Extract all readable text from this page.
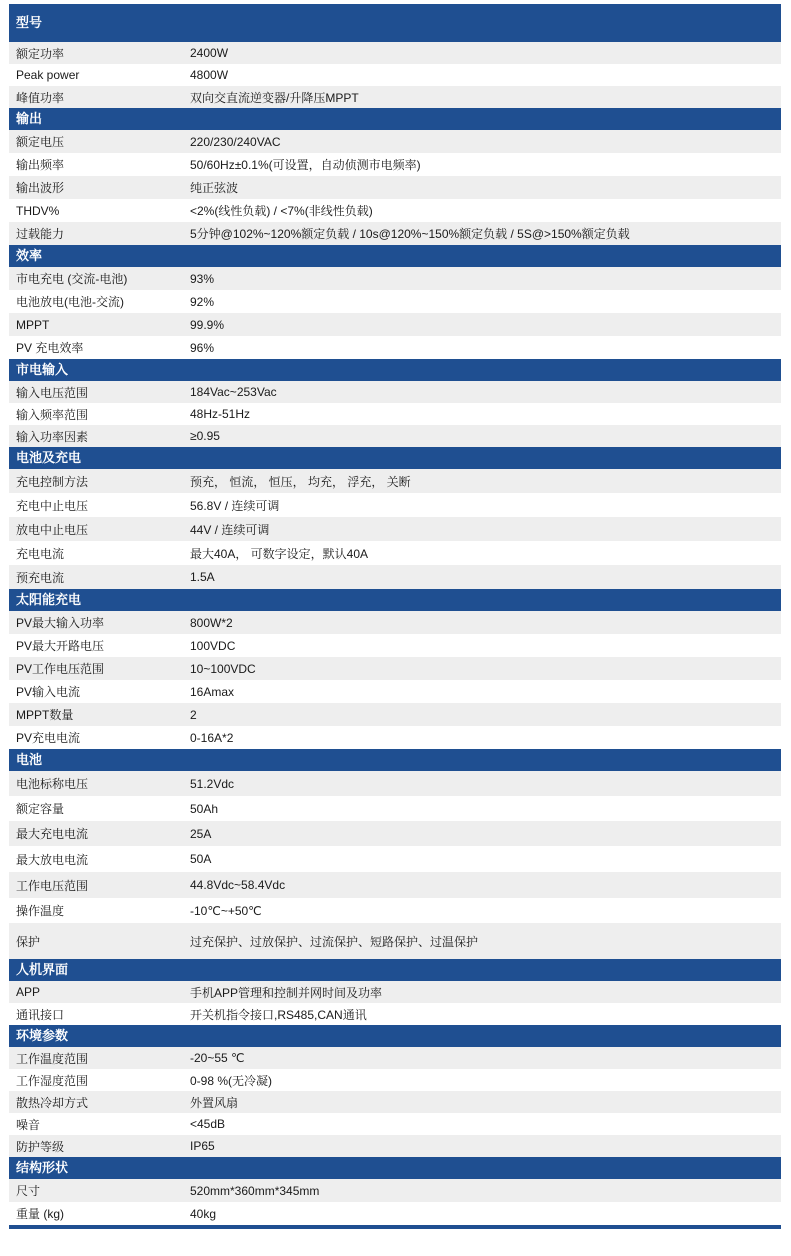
型号
额定功率	2400W
Peak power	4800W
峰值功率	双向交直流逆变器/升降压MPPT
输出
额定电压	220/230/240VAC
输出频率	50/60Hz±0.1%(可设置，自动侦测市电频率)
输出波形	纯正弦波
THDV%	<2%(线性负载) / <7%(非线性负载)
过载能力	5分钟@102%~120%额定负载 / 10s@120%~150%额定负载 / 5S@>150%额定负载
效率
市电充电 (交流-电池)	93%
电池放电(电池-交流)	92%
MPPT	99.9%
PV 充电效率	96%
市电输入
输入电压范围	184Vac~253Vac
输入频率范围	48Hz-51Hz
输入功率因素	≥0.95
电池及充电
充电控制方法	预充， 恒流， 恒压， 均充， 浮充， 关断
充电中止电压	56.8V / 连续可调
放电中止电压	44V / 连续可调
充电电流	最大40A， 可数字设定，默认40A
预充电流	1.5A
太阳能充电
PV最大输入功率	800W*2
PV最大开路电压	100VDC
PV工作电压范围	10~100VDC
PV输入电流	16Amax
MPPT数量	2
PV充电电流	0-16A*2
电池
电池标称电压	51.2Vdc
额定容量	50Ah
最大充电电流	25A
最大放电电流	50A
工作电压范围	44.8Vdc~58.4Vdc
操作温度	-10℃~+50℃
保护	过充保护、过放保护、过流保护、短路保护、过温保护
人机界面
APP	手机APP管理和控制并网时间及功率
通讯接口	开关机指令接口,RS485,CAN通讯
环境参数
工作温度范围	-20~55 ℃
工作湿度范围	0-98 %(无冷凝)
散热冷却方式	外置风扇
噪音	<45dB
防护等级	IP65
结构形状
尺寸	520mm*360mm*345mm
重量 (kg)	40kg
